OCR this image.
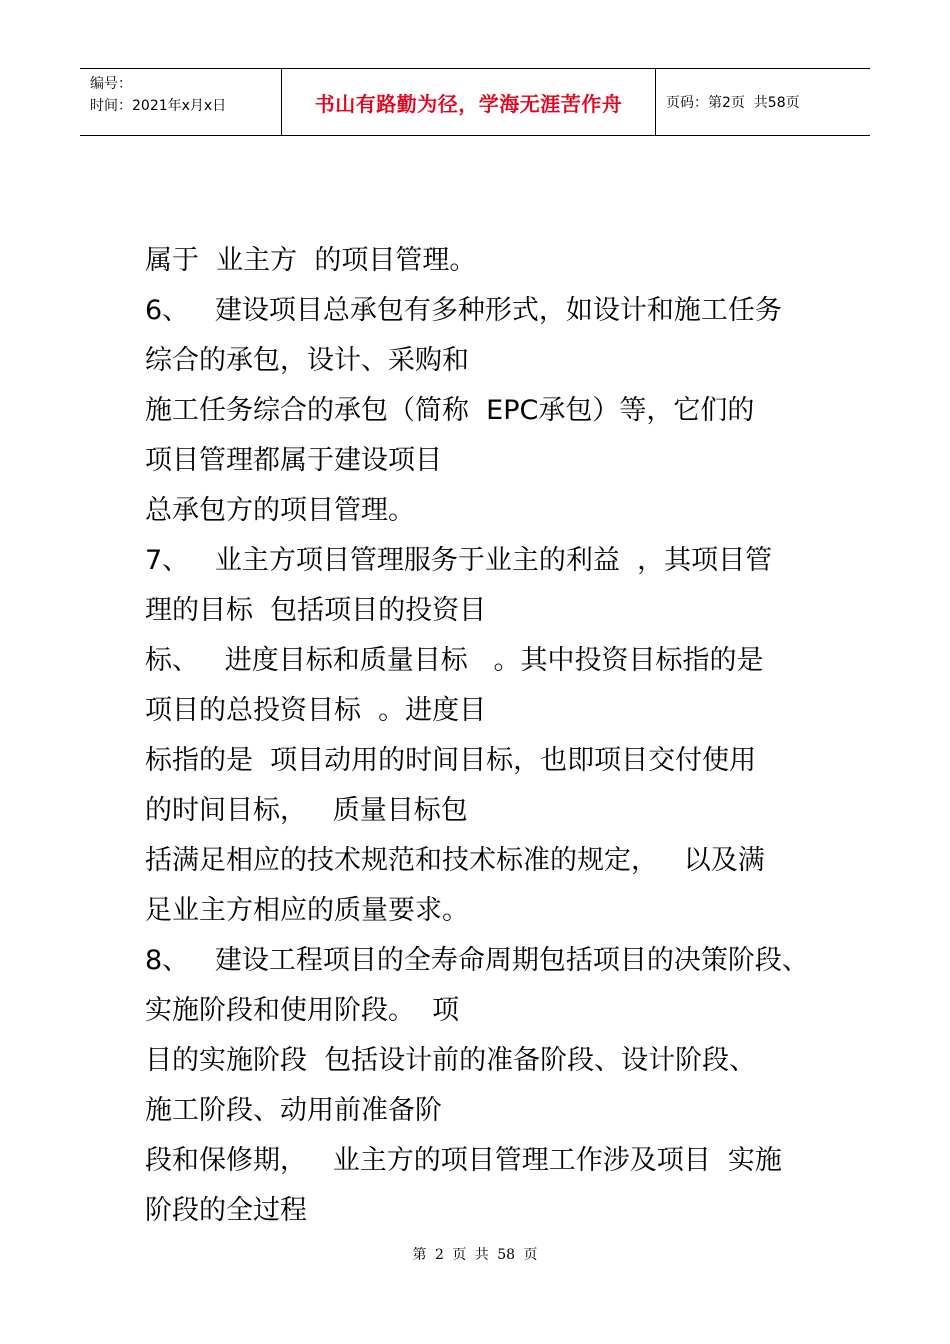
编号：
时间：2021年x月x日	书山有路勤为径，学海无涯苦作舟	页码：第2页  共58页
属于  业主方  的项目管理。
6、   建设项目总承包有多种形式，如设计和施工任务
综合的承包，设计、采购和
施工任务综合的承包（简称  EPC承包）等，它们的
项目管理都属于建设项目
总承包方的项目管理。
7、   业主方项目管理服务于业主的利益  ，其项目管
理的目标  包括项目的投资目
标、   进度目标和质量目标   。其中投资目标指的是
项目的总投资目标  。进度目
标指的是  项目动用的时间目标，也即项目交付使用
的时间目标，   质量目标包
括满足相应的技术规范和技术标准的规定，   以及满
足业主方相应的质量要求。
8、   建设工程项目的全寿命周期包括项目的决策阶段、
实施阶段和使用阶段。  项
目的实施阶段  包括设计前的准备阶段、设计阶段、
施工阶段、动用前准备阶
段和保修期，   业主方的项目管理工作涉及项目  实施
阶段的全过程
第 2 页 共 58 页
